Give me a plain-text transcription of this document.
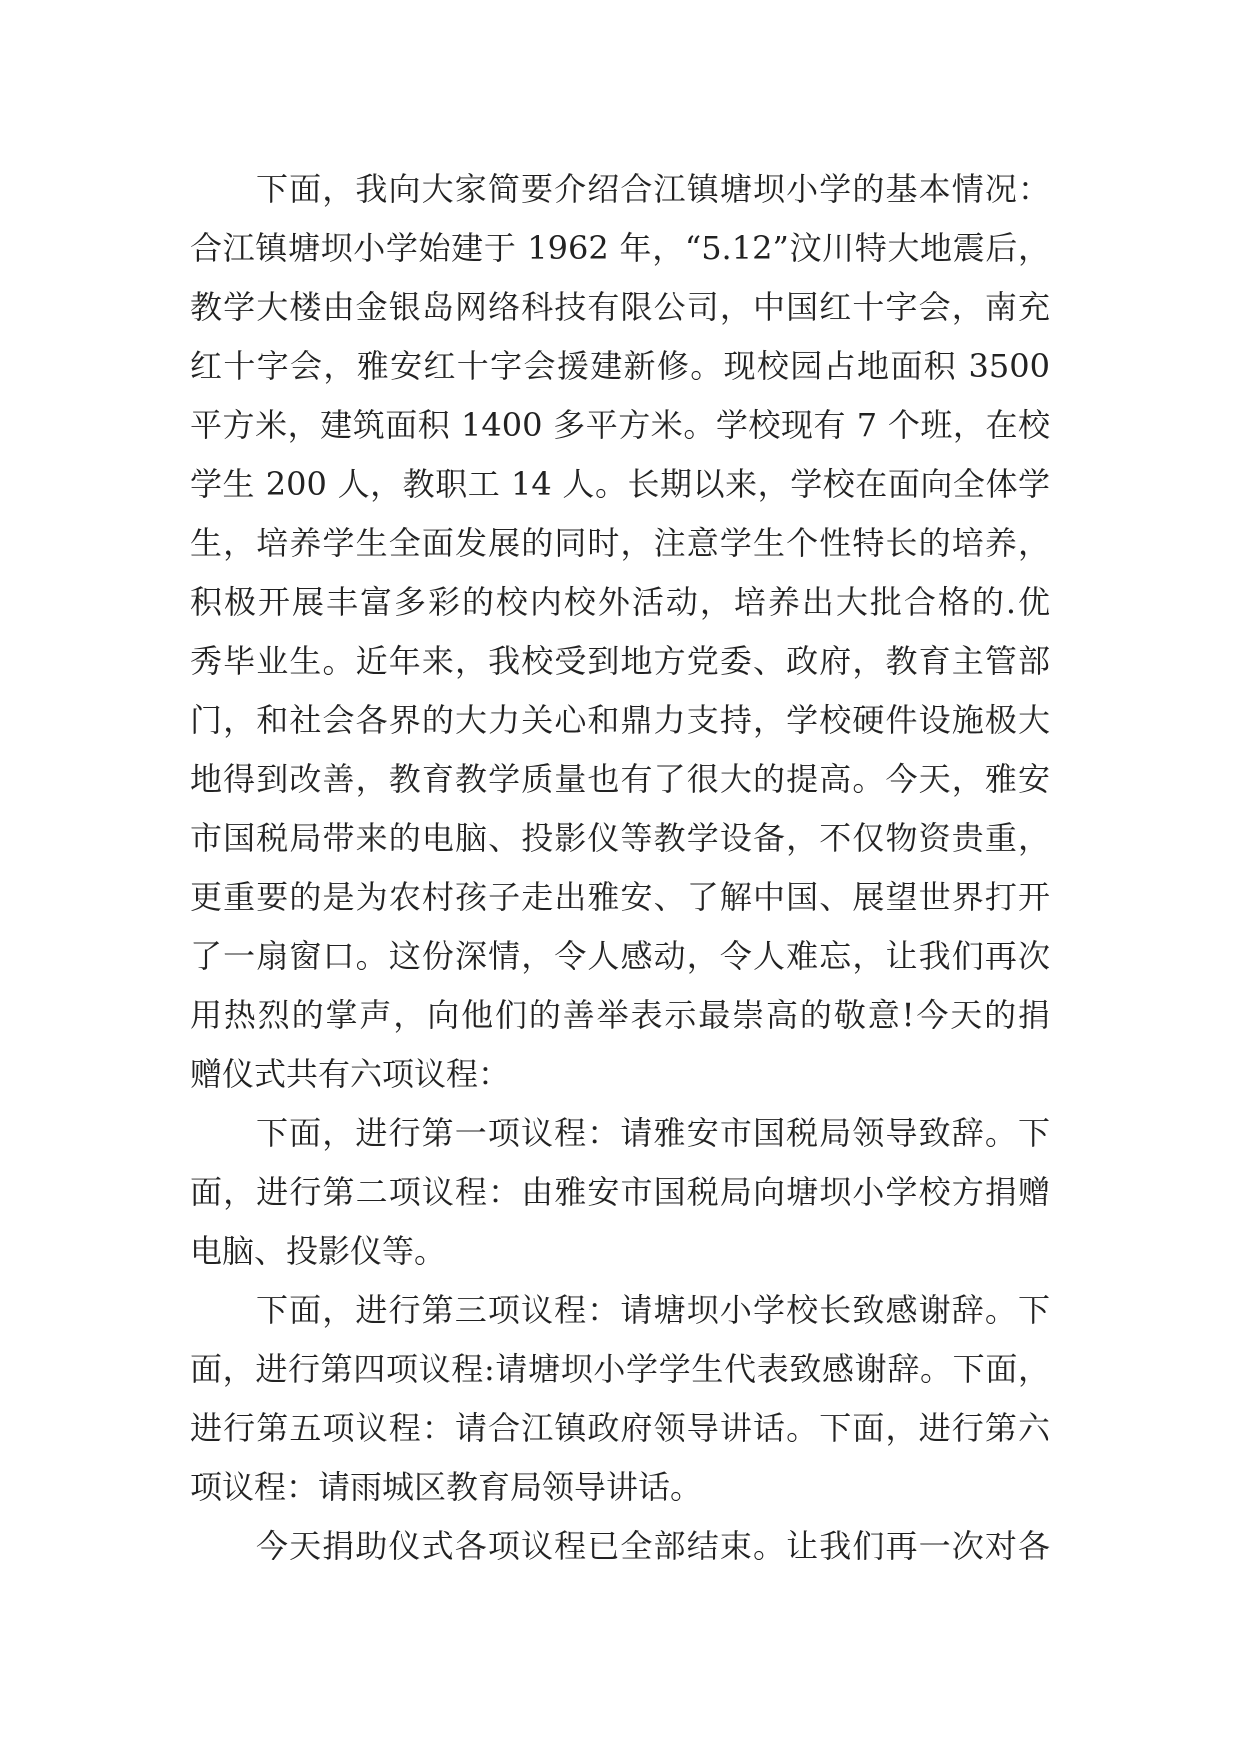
下面，我向大家简要介绍合江镇塘坝小学的基本情况：
合江镇塘坝小学始建于 1962 年，“5.12”汶川特大地震后，
教学大楼由金银岛网络科技有限公司，中国红十字会，南充
红十字会，雅安红十字会援建新修。现校园占地面积 3500
平方米，建筑面积 1400 多平方米。学校现有 7 个班，在校
学生 200 人，教职工 14 人。长期以来，学校在面向全体学
生，培养学生全面发展的同时，注意学生个性特长的培养，
积极开展丰富多彩的校内校外活动，培养出大批合格的.优
秀毕业生。近年来，我校受到地方党委、政府，教育主管部
门，和社会各界的大力关心和鼎力支持，学校硬件设施极大
地得到改善，教育教学质量也有了很大的提高。今天，雅安
市国税局带来的电脑、投影仪等教学设备，不仅物资贵重，
更重要的是为农村孩子走出雅安、了解中国、展望世界打开
了一扇窗口。这份深情，令人感动，令人难忘，让我们再次
用热烈的掌声，向他们的善举表示最崇高的敬意!今天的捐
赠仪式共有六项议程：
下面，进行第一项议程：请雅安市国税局领导致辞。下
面，进行第二项议程：由雅安市国税局向塘坝小学校方捐赠
电脑、投影仪等。
下面，进行第三项议程：请塘坝小学校长致感谢辞。下
面，进行第四项议程:请塘坝小学学生代表致感谢辞。下面，
进行第五项议程：请合江镇政府领导讲话。下面，进行第六
项议程：请雨城区教育局领导讲话。
今天捐助仪式各项议程已全部结束。让我们再一次对各
